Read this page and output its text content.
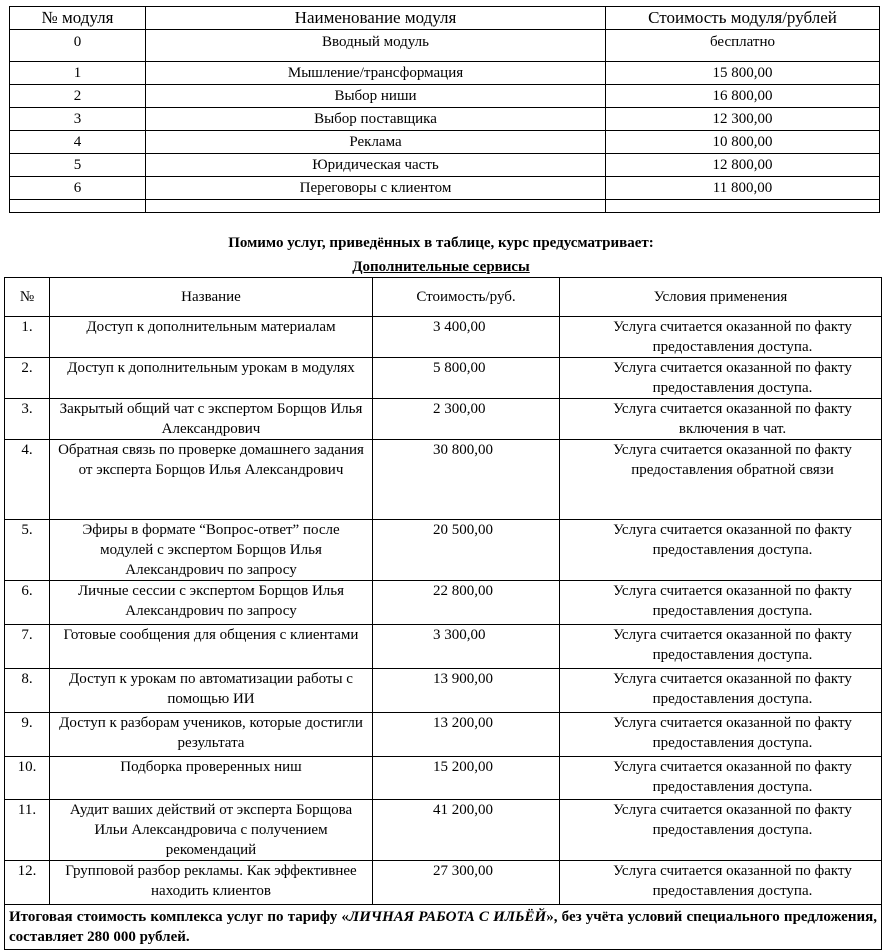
№ модуля	Наименование модуля	Стоимость модуля/рублей
0	Вводный модуль	бесплатно
1	Мышление/трансформация	15 800,00
2	Выбор ниши	16 800,00
3	Выбор поставщика	12 300,00
4	Реклама	10 800,00
5	Юридическая часть	12 800,00
6	Переговоры с клиентом	11 800,00

Помимо услуг, приведённых в таблице, курс предусматривает:
Дополнительные сервисы
№	Название	Стоимость/руб.	Условия применения
1.	Доступ к дополнительным материалам	3 400,00	Услуга считается оказанной по факту предоставления доступа.
2.	Доступ к дополнительным урокам в модулях	5 800,00	Услуга считается оказанной по факту предоставления доступа.
3.	Закрытый общий чат с экспертом Борщов Илья Александрович	2 300,00	Услуга считается оказанной по факту включения в чат.
4.	Обратная связь по проверке домашнего задания от эксперта Борщов Илья Александрович	30 800,00	Услуга считается оказанной по факту предоставления обратной связи
5.	Эфиры в формате “Вопрос-ответ” после модулей с экспертом Борщов Илья Александрович по запросу	20 500,00	Услуга считается оказанной по факту предоставления доступа.
6.	Личные сессии с экспертом Борщов Илья Александрович по запросу	22 800,00	Услуга считается оказанной по факту предоставления доступа.
7.	Готовые сообщения для общения с клиентами	3 300,00	Услуга считается оказанной по факту предоставления доступа.
8.	Доступ к урокам по автоматизации работы с помощью ИИ	13 900,00	Услуга считается оказанной по факту предоставления доступа.
9.	Доступ к разборам учеников, которые достигли результата	13 200,00	Услуга считается оказанной по факту предоставления доступа.
10.	Подборка проверенных ниш	15 200,00	Услуга считается оказанной по факту предоставления доступа.
11.	Аудит ваших действий от эксперта Борщова Ильи Александровича с получением рекомендаций	41 200,00	Услуга считается оказанной по факту предоставления доступа.
12.	Групповой разбор рекламы. Как эффективнее находить клиентов	27 300,00	Услуга считается оказанной по факту предоставления доступа.
Итоговая стоимость комплекса услуг по тарифу «ЛИЧНАЯ РАБОТА С ИЛЬЁЙ», без учёта условий специального предложения, составляет 280 000 рублей.			
